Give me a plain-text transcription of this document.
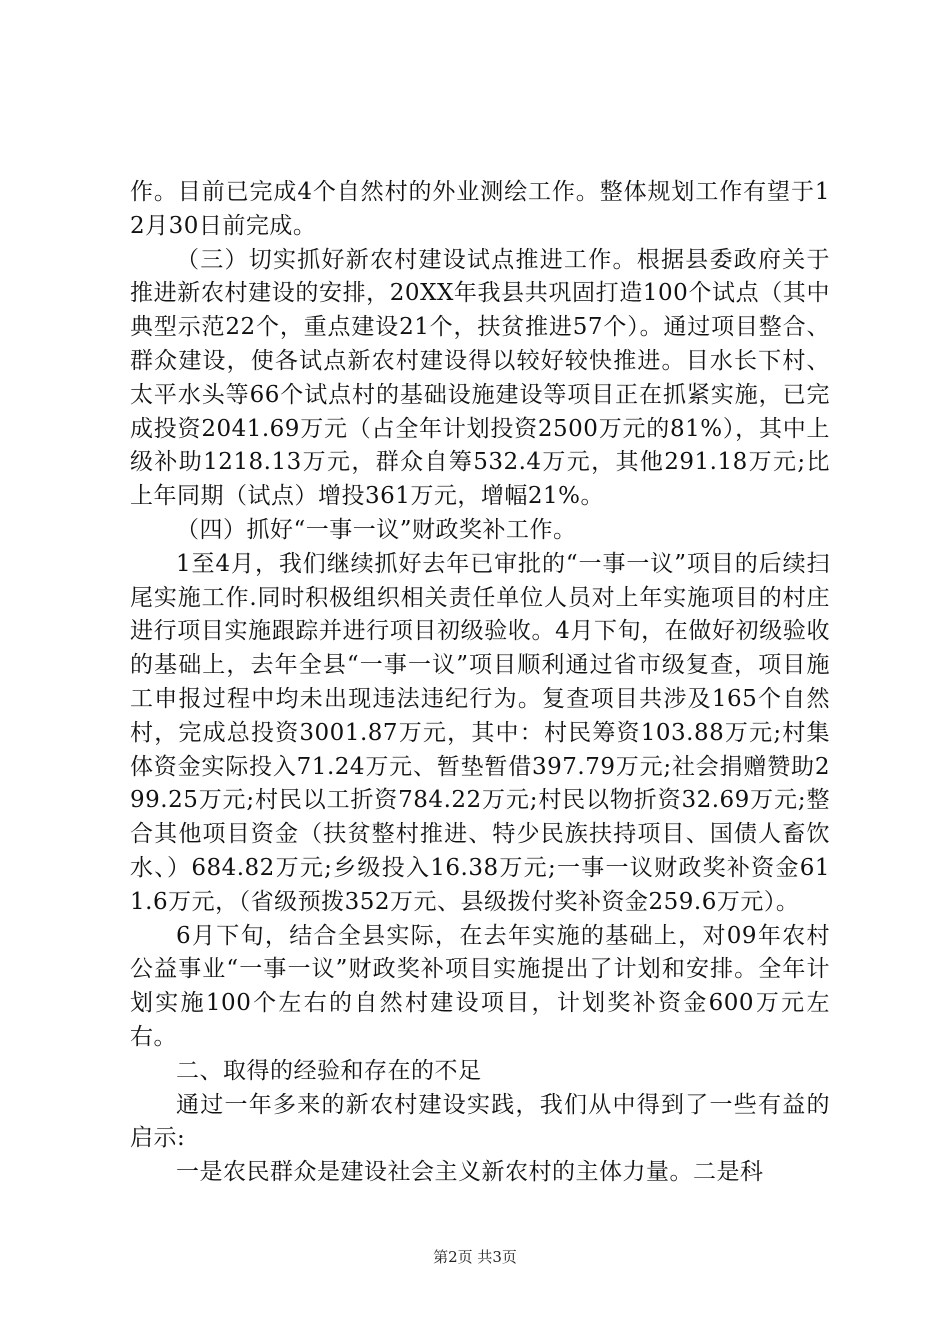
作。目前已完成4个自然村的外业测绘工作。整体规划工作有望于12月30日前完成。

（三）切实抓好新农村建设试点推进工作。根据县委政府关于推进新农村建设的安排，20XX年我县共巩固打造100个试点（其中典型示范22个，重点建设21个，扶贫推进57个）。通过项目整合、群众建设，使各试点新农村建设得以较好较快推进。目水长下村、太平水头等66个试点村的基础设施建设等项目正在抓紧实施，已完成投资2041.69万元（占全年计划投资2500万元的81%），其中上级补助1218.13万元，群众自筹532.4万元，其他291.18万元;比上年同期（试点）增投361万元，增幅21%。

（四）抓好“一事一议”财政奖补工作。

1至4月，我们继续抓好去年已审批的“一事一议”项目的后续扫尾实施工作.同时积极组织相关责任单位人员对上年实施项目的村庄进行项目实施跟踪并进行项目初级验收。4月下旬，在做好初级验收的基础上，去年全县“一事一议”项目顺利通过省市级复查，项目施工申报过程中均未出现违法违纪行为。复查项目共涉及165个自然村，完成总投资3001.87万元，其中：村民筹资103.88万元;村集体资金实际投入71.24万元、暂垫暂借397.79万元;社会捐赠赞助299.25万元;村民以工折资784.22万元;村民以物折资32.69万元;整合其他项目资金（扶贫整村推进、特少民族扶持项目、国债人畜饮水、）684.82万元;乡级投入16.38万元;一事一议财政奖补资金611.6万元，（省级预拨352万元、县级拨付奖补资金259.6万元）。

6月下旬，结合全县实际，在去年实施的基础上，对09年农村公益事业“一事一议”财政奖补项目实施提出了计划和安排。全年计划实施100个左右的自然村建设项目，计划奖补资金600万元左右。

二、取得的经验和存在的不足

通过一年多来的新农村建设实践，我们从中得到了一些有益的启示:

一是农民群众是建设社会主义新农村的主体力量。二是科

第2页 共3页
